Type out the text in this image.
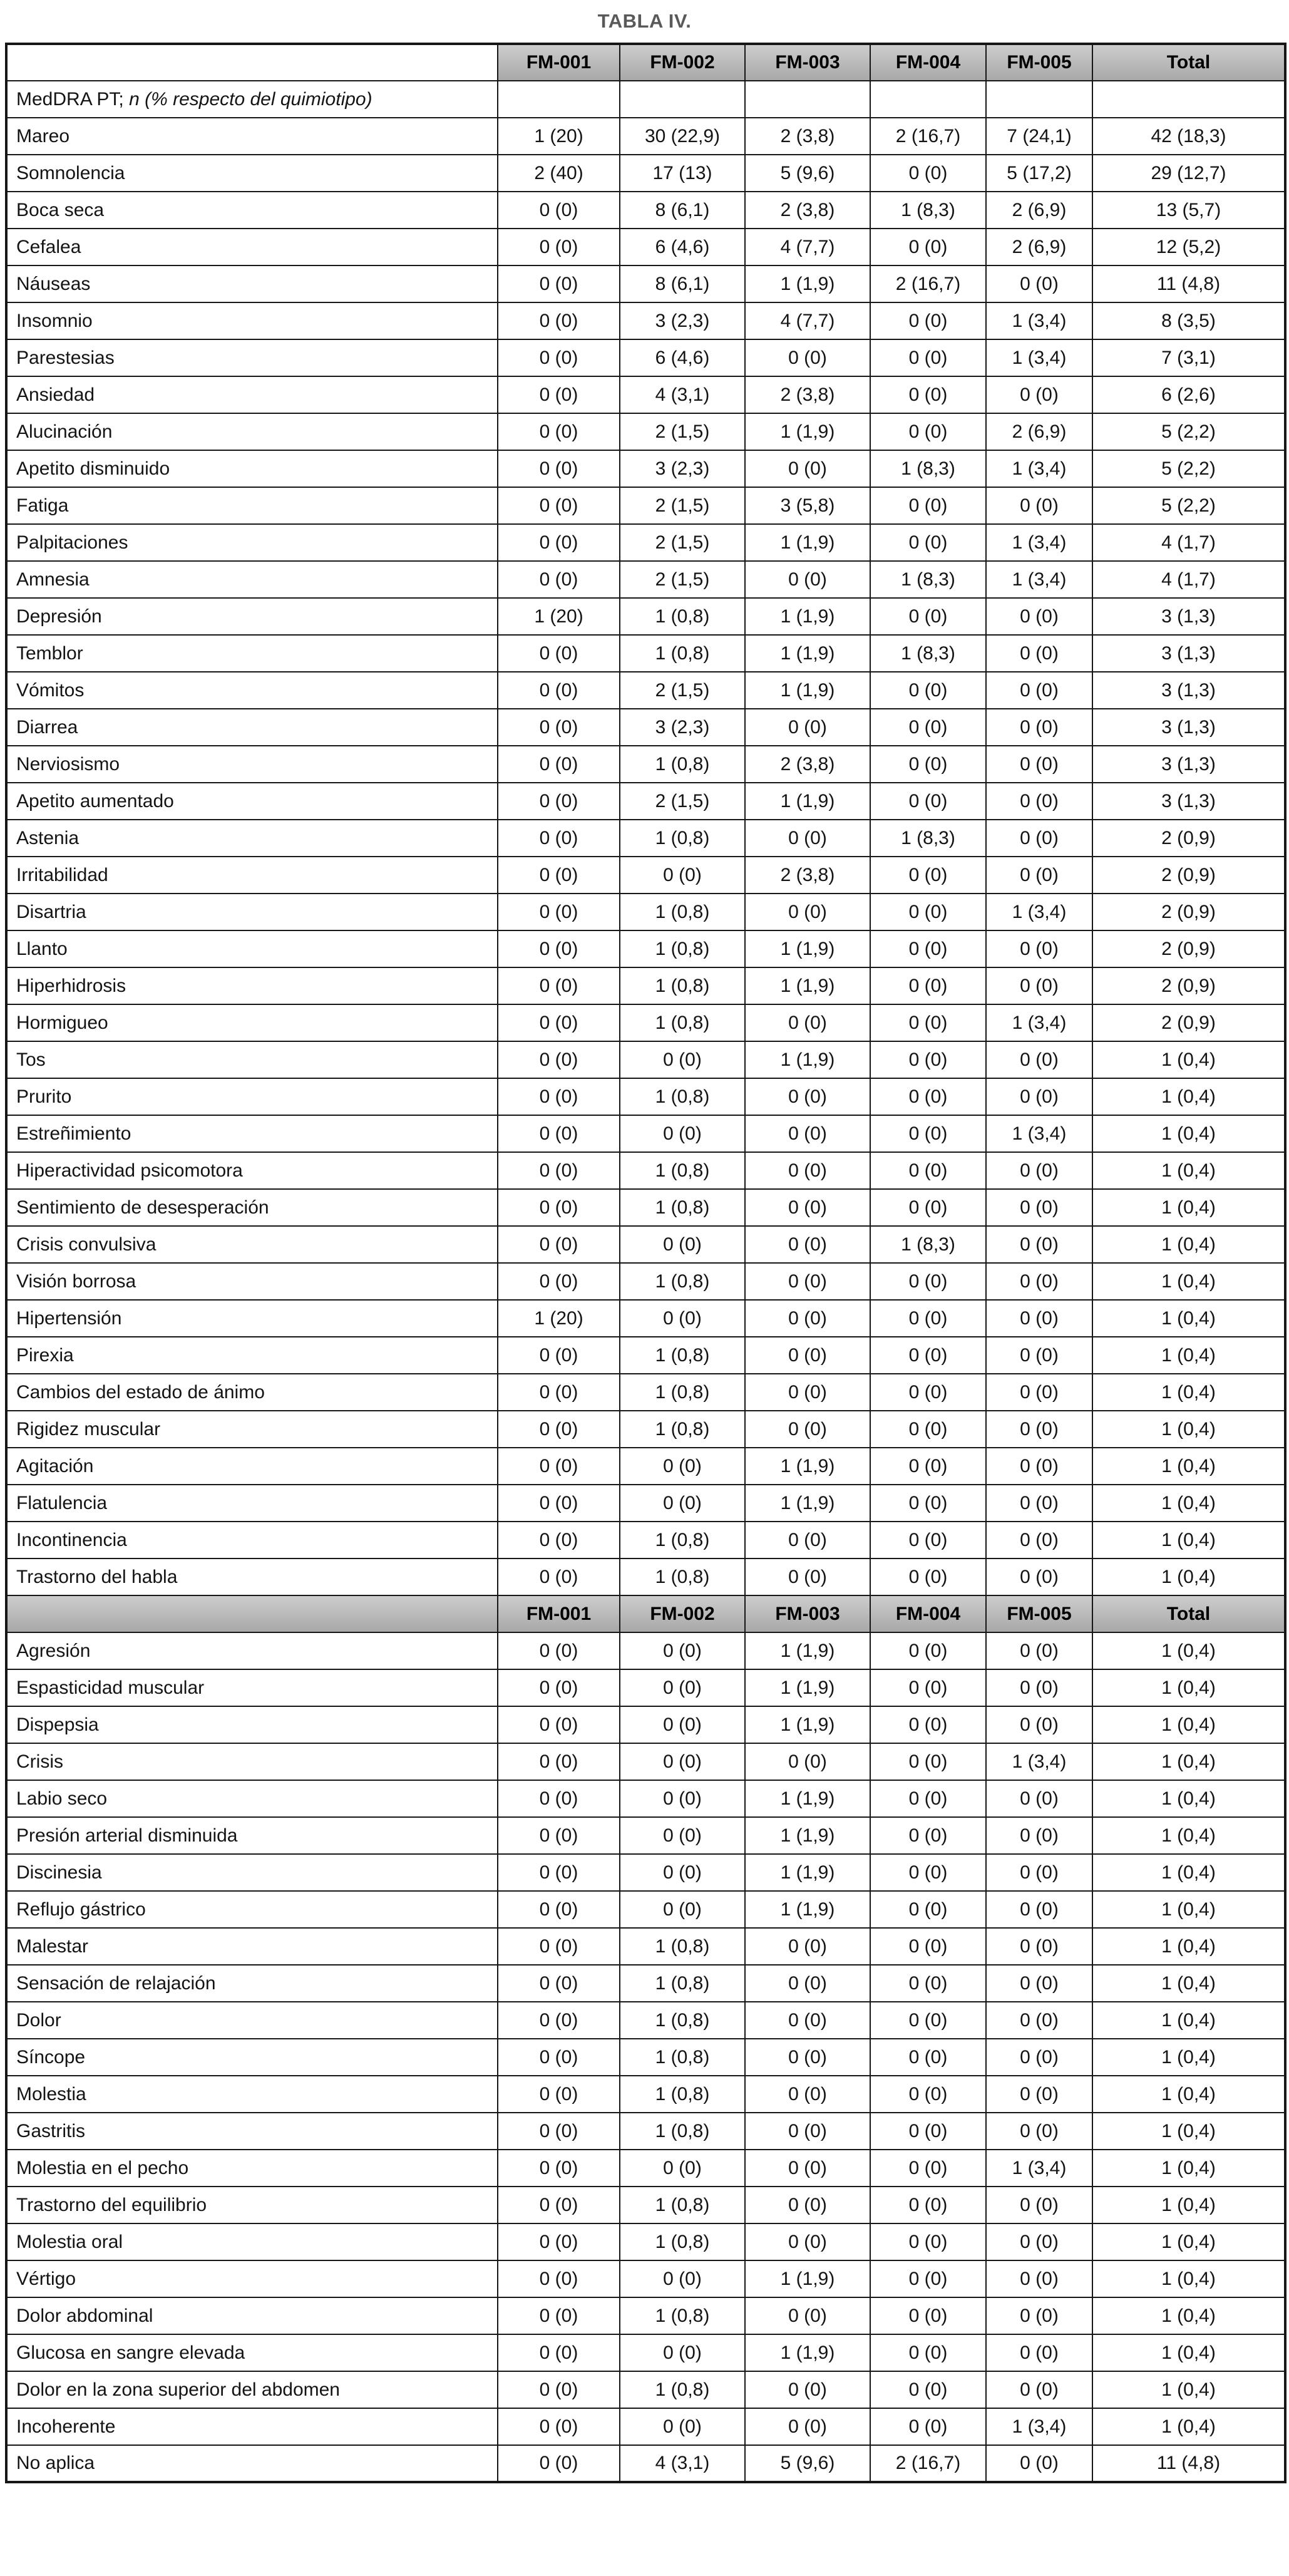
TABLA IV.
	FM-001	FM-002	FM-003	FM-004	FM-005	Total
MedDRA PT; n (% respecto del quimiotipo)						
Mareo	1 (20)	30 (22,9)	2 (3,8)	2 (16,7)	7 (24,1)	42 (18,3)
Somnolencia	2 (40)	17 (13)	5 (9,6)	0 (0)	5 (17,2)	29 (12,7)
Boca seca	0 (0)	8 (6,1)	2 (3,8)	1 (8,3)	2 (6,9)	13 (5,7)
Cefalea	0 (0)	6 (4,6)	4 (7,7)	0 (0)	2 (6,9)	12 (5,2)
Náuseas	0 (0)	8 (6,1)	1 (1,9)	2 (16,7)	0 (0)	11 (4,8)
Insomnio	0 (0)	3 (2,3)	4 (7,7)	0 (0)	1 (3,4)	8 (3,5)
Parestesias	0 (0)	6 (4,6)	0 (0)	0 (0)	1 (3,4)	7 (3,1)
Ansiedad	0 (0)	4 (3,1)	2 (3,8)	0 (0)	0 (0)	6 (2,6)
Alucinación	0 (0)	2 (1,5)	1 (1,9)	0 (0)	2 (6,9)	5 (2,2)
Apetito disminuido	0 (0)	3 (2,3)	0 (0)	1 (8,3)	1 (3,4)	5 (2,2)
Fatiga	0 (0)	2 (1,5)	3 (5,8)	0 (0)	0 (0)	5 (2,2)
Palpitaciones	0 (0)	2 (1,5)	1 (1,9)	0 (0)	1 (3,4)	4 (1,7)
Amnesia	0 (0)	2 (1,5)	0 (0)	1 (8,3)	1 (3,4)	4 (1,7)
Depresión	1 (20)	1 (0,8)	1 (1,9)	0 (0)	0 (0)	3 (1,3)
Temblor	0 (0)	1 (0,8)	1 (1,9)	1 (8,3)	0 (0)	3 (1,3)
Vómitos	0 (0)	2 (1,5)	1 (1,9)	0 (0)	0 (0)	3 (1,3)
Diarrea	0 (0)	3 (2,3)	0 (0)	0 (0)	0 (0)	3 (1,3)
Nerviosismo	0 (0)	1 (0,8)	2 (3,8)	0 (0)	0 (0)	3 (1,3)
Apetito aumentado	0 (0)	2 (1,5)	1 (1,9)	0 (0)	0 (0)	3 (1,3)
Astenia	0 (0)	1 (0,8)	0 (0)	1 (8,3)	0 (0)	2 (0,9)
Irritabilidad	0 (0)	0 (0)	2 (3,8)	0 (0)	0 (0)	2 (0,9)
Disartria	0 (0)	1 (0,8)	0 (0)	0 (0)	1 (3,4)	2 (0,9)
Llanto	0 (0)	1 (0,8)	1 (1,9)	0 (0)	0 (0)	2 (0,9)
Hiperhidrosis	0 (0)	1 (0,8)	1 (1,9)	0 (0)	0 (0)	2 (0,9)
Hormigueo	0 (0)	1 (0,8)	0 (0)	0 (0)	1 (3,4)	2 (0,9)
Tos	0 (0)	0 (0)	1 (1,9)	0 (0)	0 (0)	1 (0,4)
Prurito	0 (0)	1 (0,8)	0 (0)	0 (0)	0 (0)	1 (0,4)
Estreñimiento	0 (0)	0 (0)	0 (0)	0 (0)	1 (3,4)	1 (0,4)
Hiperactividad psicomotora	0 (0)	1 (0,8)	0 (0)	0 (0)	0 (0)	1 (0,4)
Sentimiento de desesperación	0 (0)	1 (0,8)	0 (0)	0 (0)	0 (0)	1 (0,4)
Crisis convulsiva	0 (0)	0 (0)	0 (0)	1 (8,3)	0 (0)	1 (0,4)
Visión borrosa	0 (0)	1 (0,8)	0 (0)	0 (0)	0 (0)	1 (0,4)
Hipertensión	1 (20)	0 (0)	0 (0)	0 (0)	0 (0)	1 (0,4)
Pirexia	0 (0)	1 (0,8)	0 (0)	0 (0)	0 (0)	1 (0,4)
Cambios del estado de ánimo	0 (0)	1 (0,8)	0 (0)	0 (0)	0 (0)	1 (0,4)
Rigidez muscular	0 (0)	1 (0,8)	0 (0)	0 (0)	0 (0)	1 (0,4)
Agitación	0 (0)	0 (0)	1 (1,9)	0 (0)	0 (0)	1 (0,4)
Flatulencia	0 (0)	0 (0)	1 (1,9)	0 (0)	0 (0)	1 (0,4)
Incontinencia	0 (0)	1 (0,8)	0 (0)	0 (0)	0 (0)	1 (0,4)
Trastorno del habla	0 (0)	1 (0,8)	0 (0)	0 (0)	0 (0)	1 (0,4)
	FM-001	FM-002	FM-003	FM-004	FM-005	Total
Agresión	0 (0)	0 (0)	1 (1,9)	0 (0)	0 (0)	1 (0,4)
Espasticidad muscular	0 (0)	0 (0)	1 (1,9)	0 (0)	0 (0)	1 (0,4)
Dispepsia	0 (0)	0 (0)	1 (1,9)	0 (0)	0 (0)	1 (0,4)
Crisis	0 (0)	0 (0)	0 (0)	0 (0)	1 (3,4)	1 (0,4)
Labio seco	0 (0)	0 (0)	1 (1,9)	0 (0)	0 (0)	1 (0,4)
Presión arterial disminuida	0 (0)	0 (0)	1 (1,9)	0 (0)	0 (0)	1 (0,4)
Discinesia	0 (0)	0 (0)	1 (1,9)	0 (0)	0 (0)	1 (0,4)
Reflujo gástrico	0 (0)	0 (0)	1 (1,9)	0 (0)	0 (0)	1 (0,4)
Malestar	0 (0)	1 (0,8)	0 (0)	0 (0)	0 (0)	1 (0,4)
Sensación de relajación	0 (0)	1 (0,8)	0 (0)	0 (0)	0 (0)	1 (0,4)
Dolor	0 (0)	1 (0,8)	0 (0)	0 (0)	0 (0)	1 (0,4)
Síncope	0 (0)	1 (0,8)	0 (0)	0 (0)	0 (0)	1 (0,4)
Molestia	0 (0)	1 (0,8)	0 (0)	0 (0)	0 (0)	1 (0,4)
Gastritis	0 (0)	1 (0,8)	0 (0)	0 (0)	0 (0)	1 (0,4)
Molestia en el pecho	0 (0)	0 (0)	0 (0)	0 (0)	1 (3,4)	1 (0,4)
Trastorno del equilibrio	0 (0)	1 (0,8)	0 (0)	0 (0)	0 (0)	1 (0,4)
Molestia oral	0 (0)	1 (0,8)	0 (0)	0 (0)	0 (0)	1 (0,4)
Vértigo	0 (0)	0 (0)	1 (1,9)	0 (0)	0 (0)	1 (0,4)
Dolor abdominal	0 (0)	1 (0,8)	0 (0)	0 (0)	0 (0)	1 (0,4)
Glucosa en sangre elevada	0 (0)	0 (0)	1 (1,9)	0 (0)	0 (0)	1 (0,4)
Dolor en la zona superior del abdomen	0 (0)	1 (0,8)	0 (0)	0 (0)	0 (0)	1 (0,4)
Incoherente	0 (0)	0 (0)	0 (0)	0 (0)	1 (3,4)	1 (0,4)
No aplica	0 (0)	4 (3,1)	5 (9,6)	2 (16,7)	0 (0)	11 (4,8)
